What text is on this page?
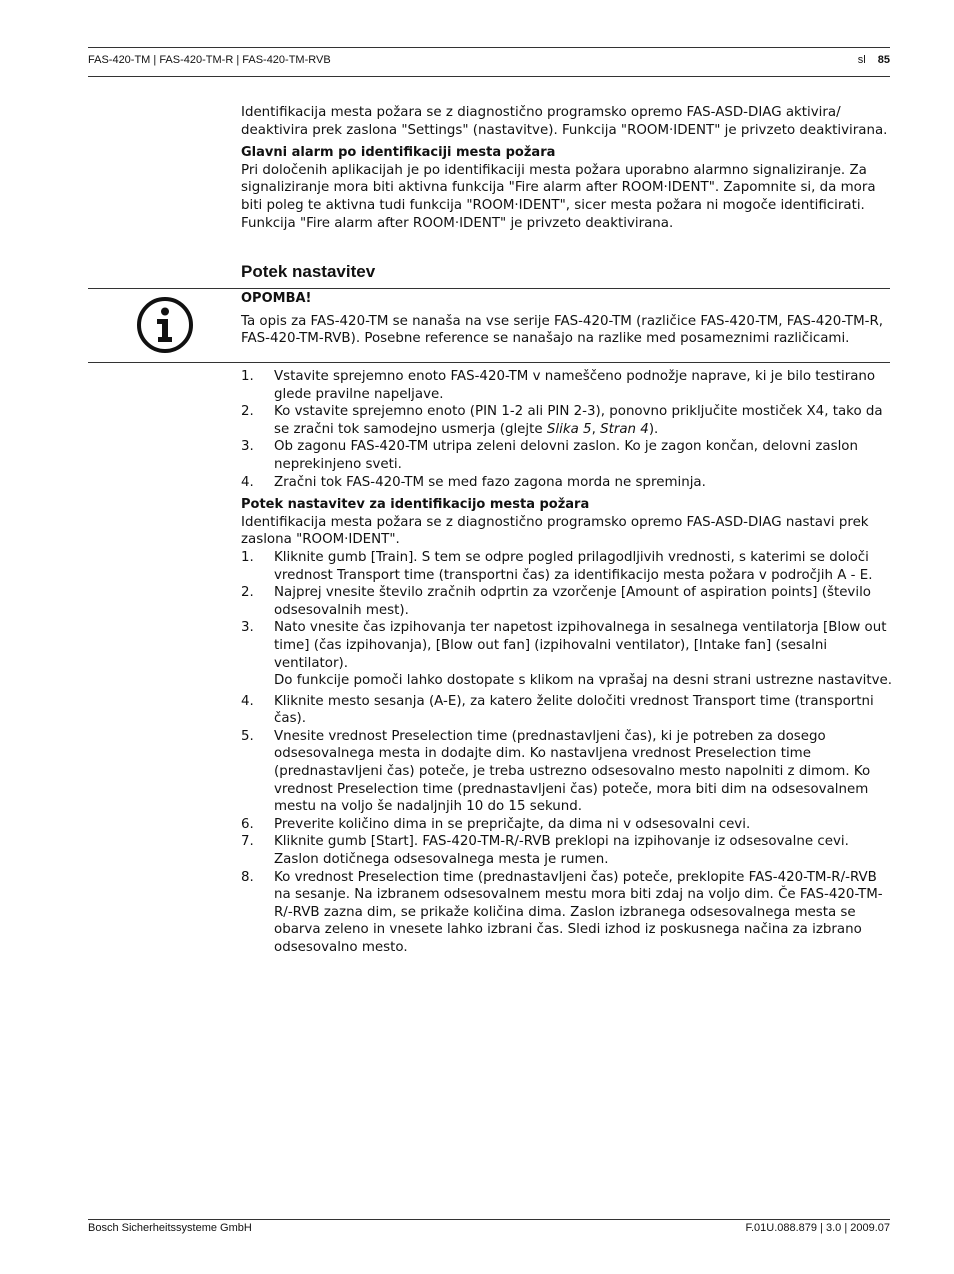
FAS-420-TM | FAS-420-TM-R | FAS-420-TM-RVB	sl 85

Identifikacija mesta požara se z diagnostično programsko opremo FAS-ASD-DIAG aktivira/ deaktivira prek zaslona "Settings" (nastavitve). Funkcija "ROOM·IDENT" je privzeto deaktivirana.

Glavni alarm po identifikaciji mesta požara

Pri določenih aplikacijah je po identifikaciji mesta požara uporabno alarmno signaliziranje. Za signaliziranje mora biti aktivna funkcija "Fire alarm after ROOM·IDENT". Zapomnite si, da mora biti poleg te aktivna tudi funkcija "ROOM·IDENT", sicer mesta požara ni mogoče identificirati. Funkcija "Fire alarm after ROOM·IDENT" je privzeto deaktivirana.

Potek nastavitev
OPOMBA!
Ta opis za FAS-420-TM se nanaša na vse serije FAS-420-TM (različice FAS-420-TM, FAS-420-TM-R, FAS-420-TM-RVB). Posebne reference se nanašajo na razlike med posameznimi različicami.
1. Vstavite sprejemno enoto FAS-420-TM v nameščeno podnožje naprave, ki je bilo testirano glede pravilne napeljave.
2. Ko vstavite sprejemno enoto (PIN 1-2 ali PIN 2-3), ponovno priključite mostiček X4, tako da se zračni tok samodejno usmerja (glejte Slika 5, Stran 4).
3. Ob zagonu FAS-420-TM utripa zeleni delovni zaslon. Ko je zagon končan, delovni zaslon neprekinjeno sveti.
4. Zračni tok FAS-420-TM se med fazo zagona morda ne spreminja.

Potek nastavitev za identifikacijo mesta požara

Identifikacija mesta požara se z diagnostično programsko opremo FAS-ASD-DIAG nastavi prek zaslona "ROOM·IDENT".

1. Kliknite gumb [Train]. S tem se odpre pogled prilagodljivih vrednosti, s katerimi se določi vrednost Transport time (transportni čas) za identifikacijo mesta požara v področjih A - E.
2. Najprej vnesite število zračnih odprtin za vzorčenje [Amount of aspiration points] (število odsesovalnih mest).
3. Nato vnesite čas izpihovanja ter napetost izpihovalnega in sesalnega ventilatorja [Blow out time] (čas izpihovanja), [Blow out fan] (izpihovalni ventilator), [Intake fan] (sesalni ventilator).
Do funkcije pomoči lahko dostopate s klikom na vprašaj na desni strani ustrezne nastavitve.
4. Kliknite mesto sesanja (A-E), za katero želite določiti vrednost Transport time (transportni čas).
5. Vnesite vrednost Preselection time (prednastavljeni čas), ki je potreben za dosego odsesovalnega mesta in dodajte dim. Ko nastavljena vrednost Preselection time (prednastavljeni čas) poteče, je treba ustrezno odsesovalno mesto napolniti z dimom. Ko vrednost Preselection time (prednastavljeni čas) poteče, mora biti dim na odsesovalnem mestu na voljo še nadaljnjih 10 do 15 sekund.
6. Preverite količino dima in se prepričajte, da dima ni v odsesovalni cevi.
7. Kliknite gumb [Start]. FAS-420-TM-R/-RVB preklopi na izpihovanje iz odsesovalne cevi. Zaslon dotičnega odsesovalnega mesta je rumen.
8. Ko vrednost Preselection time (prednastavljeni čas) poteče, preklopite FAS-420-TM-R/-RVB na sesanje. Na izbranem odsesovalnem mestu mora biti zdaj na voljo dim. Če FAS-420-TM-R/-RVB zazna dim, se prikaže količina dima. Zaslon izbranega odsesovalnega mesta se obarva zeleno in vnesete lahko izbrani čas. Sledi izhod iz poskusnega načina za izbrano odsesovalno mesto.
Bosch Sicherheitssysteme GmbH	F.01U.088.879 | 3.0 | 2009.07
